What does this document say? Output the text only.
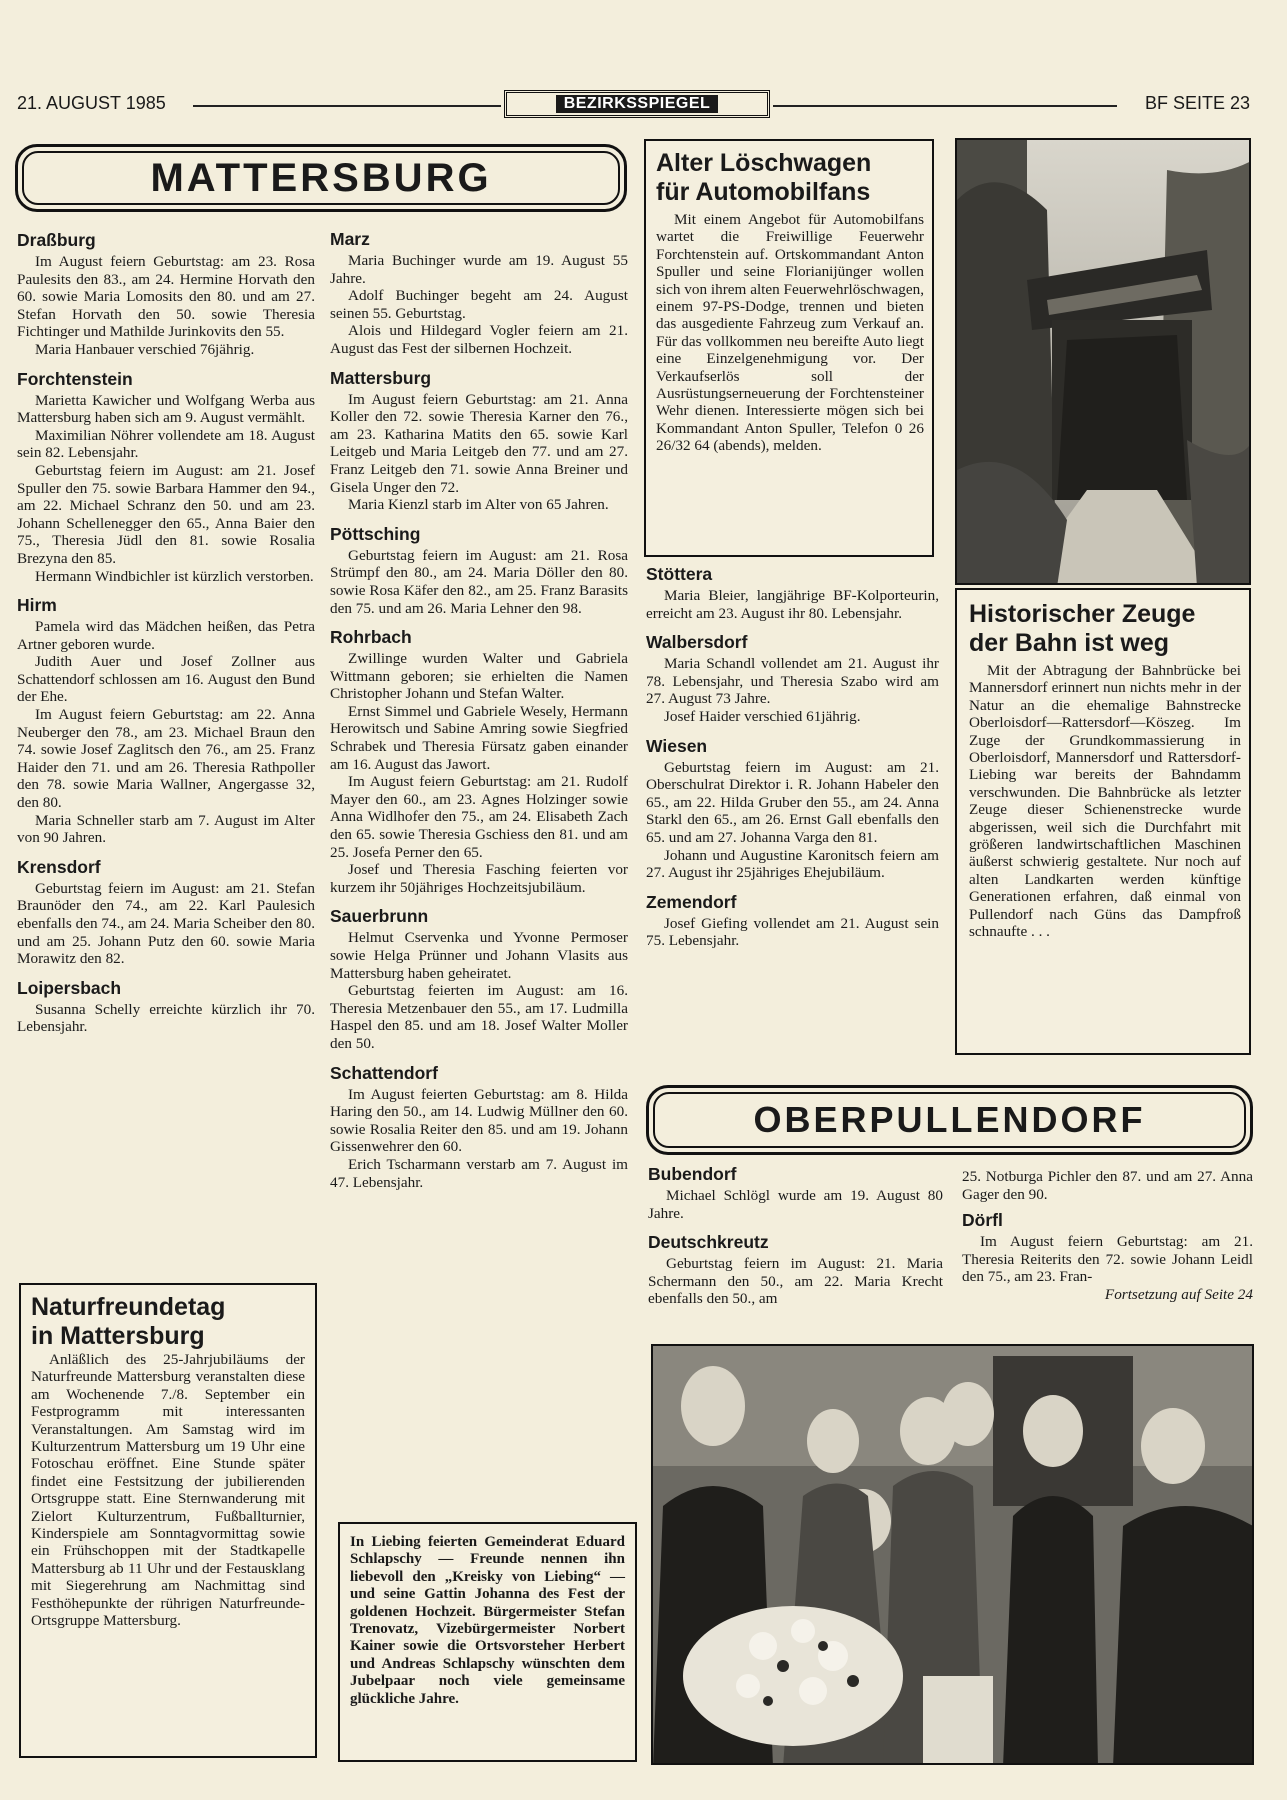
21. AUGUST 1985	BEZIRKSSPIEGEL	BF SEITE 23
MATTERSBURG
Draßburg

Im August feiern Geburtstag: am 23. Rosa Paulesits den 83., am 24. Hermine Horvath den 60. sowie Maria Lomosits den 80. und am 27. Stefan Horvath den 50. sowie Theresia Fichtinger und Mathilde Jurinkovits den 55.

Maria Hanbauer verschied 76jährig.

Forchtenstein

Marietta Kawicher und Wolfgang Werba aus Mattersburg haben sich am 9. August vermählt.

Maximilian Nöhrer vollendete am 18. August sein 82. Lebensjahr.

Geburtstag feiern im August: am 21. Josef Spuller den 75. sowie Barbara Hammer den 94., am 22. Michael Schranz den 50. und am 23. Johann Schellenegger den 65., Anna Baier den 75., Theresia Jüdl den 81. sowie Rosalia Brezyna den 85.

Hermann Windbichler ist kürzlich verstorben.

Hirm

Pamela wird das Mädchen heißen, das Petra Artner geboren wurde.

Judith Auer und Josef Zollner aus Schattendorf schlossen am 16. August den Bund der Ehe.

Im August feiern Geburtstag: am 22. Anna Neuberger den 78., am 23. Michael Braun den 74. sowie Josef Zaglitsch den 76., am 25. Franz Haider den 71. und am 26. Theresia Rathpoller den 78. sowie Maria Wallner, Angergasse 32, den 80.

Maria Schneller starb am 7. August im Alter von 90 Jahren.

Krensdorf

Geburtstag feiern im August: am 21. Stefan Braunöder den 74., am 22. Karl Paulesich ebenfalls den 74., am 24. Maria Scheiber den 80. und am 25. Johann Putz den 60. sowie Maria Morawitz den 82.

Loipersbach

Susanna Schelly erreichte kürzlich ihr 70. Lebensjahr.

Marz

Maria Buchinger wurde am 19. August 55 Jahre.

Adolf Buchinger begeht am 24. August seinen 55. Geburtstag.

Alois und Hildegard Vogler feiern am 21. August das Fest der silbernen Hochzeit.

Mattersburg

Im August feiern Geburtstag: am 21. Anna Koller den 72. sowie Theresia Karner den 76., am 23. Katharina Matits den 65. sowie Karl Leitgeb und Maria Leitgeb den 77. und am 27. Franz Leitgeb den 71. sowie Anna Breiner und Gisela Unger den 72.

Maria Kienzl starb im Alter von 65 Jahren.

Pöttsching

Geburtstag feiern im August: am 21. Rosa Strümpf den 80., am 24. Maria Döller den 80. sowie Rosa Käfer den 82., am 25. Franz Barasits den 75. und am 26. Maria Lehner den 98.

Rohrbach

Zwillinge wurden Walter und Gabriela Wittmann geboren; sie erhielten die Namen Christopher Johann und Stefan Walter.

Ernst Simmel und Gabriele Wesely, Hermann Herowitsch und Sabine Amring sowie Siegfried Schrabek und Theresia Fürsatz gaben einander am 16. August das Jawort.

Im August feiern Geburtstag: am 21. Rudolf Mayer den 60., am 23. Agnes Holzinger sowie Anna Widlhofer den 75., am 24. Elisabeth Zach den 65. sowie Theresia Gschiess den 81. und am 25. Josefa Perner den 65.

Josef und Theresia Fasching feierten vor kurzem ihr 50jähriges Hochzeitsjubiläum.

Sauerbrunn

Helmut Cservenka und Yvonne Permoser sowie Helga Prünner und Johann Vlasits aus Mattersburg haben geheiratet.

Geburtstag feierten im August: am 16. Theresia Metzenbauer den 55., am 17. Ludmilla Haspel den 85. und am 18. Josef Walter Moller den 50.

Schattendorf

Im August feierten Geburtstag: am 8. Hilda Haring den 50., am 14. Ludwig Müllner den 60. sowie Rosalia Reiter den 85. und am 19. Johann Gissenwehrer den 60.

Erich Tscharmann verstarb am 7. August im 47. Lebensjahr.

Stöttera

Maria Bleier, langjährige BF-Kolporteurin, erreicht am 23. August ihr 80. Lebensjahr.

Walbersdorf

Maria Schandl vollendet am 21. August ihr 78. Lebensjahr, und Theresia Szabo wird am 27. August 73 Jahre.

Josef Haider verschied 61jährig.

Wiesen

Geburtstag feiern im August: am 21. Oberschulrat Direktor i. R. Johann Habeler den 65., am 22. Hilda Gruber den 55., am 24. Anna Starkl den 65., am 26. Ernst Gall ebenfalls den 65. und am 27. Johanna Varga den 81.

Johann und Augustine Karonitsch feiern am 27. August ihr 25jähriges Ehejubiläum.

Zemendorf

Josef Giefing vollendet am 21. August sein 75. Lebensjahr.

Alter Löschwagen
für Automobilfans

Mit einem Angebot für Automobilfans wartet die Freiwillige Feuerwehr Forchtenstein auf. Ortskommandant Anton Spuller und seine Florianijünger wollen sich von ihrem alten Feuerwehrlöschwagen, einem 97-PS-Dodge, trennen und bieten das ausgediente Fahrzeug zum Verkauf an. Für das vollkommen neu bereifte Auto liegt eine Einzelgenehmigung vor. Der Verkaufserlös soll der Ausrüstungserneuerung der Forchtensteiner Wehr dienen. Interessierte mögen sich bei Kommandant Anton Spuller, Telefon 0 26 26/32 64 (abends), melden.

Historischer Zeuge
der Bahn ist weg

Mit der Abtragung der Bahnbrücke bei Mannersdorf erinnert nun nichts mehr in der Natur an die ehemalige Bahnstrecke Oberloisdorf—Rattersdorf—Köszeg. Im Zuge der Grundkommassierung in Oberloisdorf, Mannersdorf und Rattersdorf-Liebing war bereits der Bahndamm verschwunden. Die Bahnbrücke als letzter Zeuge dieser Schienenstrecke wurde abgerissen, weil sich die Durchfahrt mit größeren landwirtschaftlichen Maschinen äußerst schwierig gestaltete. Nur noch auf alten Landkarten werden künftige Generationen erfahren, daß einmal von Pullendorf nach Güns das Dampfroß schnaufte . . .

Naturfreundetag
in Mattersburg

Anläßlich des 25-Jahrjubiläums der Naturfreunde Mattersburg veranstalten diese am Wochenende 7./8. September ein Festprogramm mit interessanten Veranstaltungen. Am Samstag wird im Kulturzentrum Mattersburg um 19 Uhr eine Fotoschau eröffnet. Eine Stunde später findet eine Festsitzung der jubilierenden Ortsgruppe statt. Eine Sternwanderung mit Zielort Kulturzentrum, Fußballturnier, Kinderspiele am Sonntagvormittag sowie ein Frühschoppen mit der Stadtkapelle Mattersburg ab 11 Uhr und der Festausklang mit Siegerehrung am Nachmittag sind Festhöhepunkte der rührigen Naturfreunde-Ortsgruppe Mattersburg.

In Liebing feierten Gemeinderat Eduard Schlapschy — Freunde nennen ihn liebevoll den „Kreisky von Liebing“ — und seine Gattin Johanna des Fest der goldenen Hochzeit. Bürgermeister Stefan Trenovatz, Vizebürgermeister Norbert Kainer sowie die Ortsvorsteher Herbert und Andreas Schlapschy wünschten dem Jubelpaar noch viele gemeinsame glückliche Jahre.

OBERPULLENDORF
Bubendorf

Michael Schlögl wurde am 19. August 80 Jahre.

Deutschkreutz

Geburtstag feiern im August: 21. Maria Schermann den 50., am 22. Maria Krecht ebenfalls den 50., am

25. Notburga Pichler den 87. und am 27. Anna Gager den 90.

Dörfl

Im August feiern Geburtstag: am 21. Theresia Reiterits den 72. sowie Johann Leidl den 75., am 23. Fran-

Fortsetzung auf Seite 24
